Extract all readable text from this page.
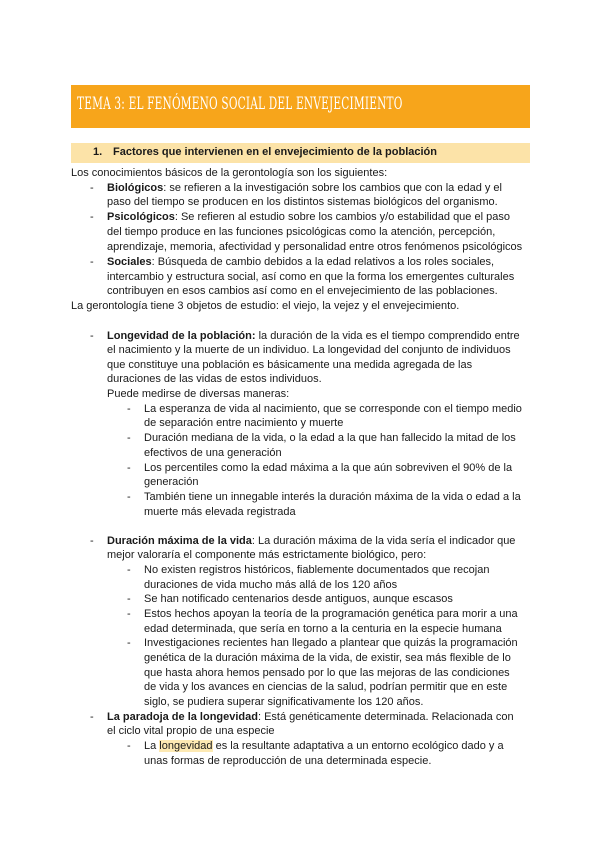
TEMA 3: EL FENÓMENO SOCIAL DEL ENVEJECIMIENTO
1. Factores que intervienen en el envejecimiento de la población
Los conocimientos básicos de la gerontología son los siguientes:
- Biológicos: se refieren a la investigación sobre los cambios que con la edad y el
paso del tiempo se producen en los distintos sistemas biológicos del organismo.
- Psicológicos: Se refieren al estudio sobre los cambios y/o estabilidad que el paso
del tiempo produce en las funciones psicológicas como la atención, percepción,
aprendizaje, memoria, afectividad y personalidad entre otros fenómenos psicológicos
- Sociales: Búsqueda de cambio debidos a la edad relativos a los roles sociales,
intercambio y estructura social, así como en que la forma los emergentes culturales
contribuyen en esos cambios así como en el envejecimiento de las poblaciones.
La gerontología tiene 3 objetos de estudio: el viejo, la vejez y el envejecimiento.
- Longevidad de la población: la duración de la vida es el tiempo comprendido entre
el nacimiento y la muerte de un individuo. La longevidad del conjunto de individuos
que constituye una población es básicamente una medida agregada de las
duraciones de las vidas de estos individuos.
Puede medirse de diversas maneras:
- La esperanza de vida al nacimiento, que se corresponde con el tiempo medio
de separación entre nacimiento y muerte
- Duración mediana de la vida, o la edad a la que han fallecido la mitad de los
efectivos de una generación
- Los percentiles como la edad máxima a la que aún sobreviven el 90% de la
generación
- También tiene un innegable interés la duración máxima de la vida o edad a la
muerte más elevada registrada
- Duración máxima de la vida: La duración máxima de la vida sería el indicador que
mejor valoraría el componente más estrictamente biológico, pero:
- No existen registros históricos, fiablemente documentados que recojan
duraciones de vida mucho más allá de los 120 años
- Se han notificado centenarios desde antiguos, aunque escasos
- Estos hechos apoyan la teoría de la programación genética para morir a una
edad determinada, que sería en torno a la centuria en la especie humana
- Investigaciones recientes han llegado a plantear que quizás la programación
genética de la duración máxima de la vida, de existir, sea más flexible de lo
que hasta ahora hemos pensado por lo que las mejoras de las condiciones
de vida y los avances en ciencias de la salud, podrían permitir que en este
siglo, se pudiera superar significativamente los 120 años.
- La paradoja de la longevidad: Está genéticamente determinada. Relacionada con
el ciclo vital propio de una especie
- La longevidad es la resultante adaptativa a un entorno ecológico dado y a
unas formas de reproducción de una determinada especie.
